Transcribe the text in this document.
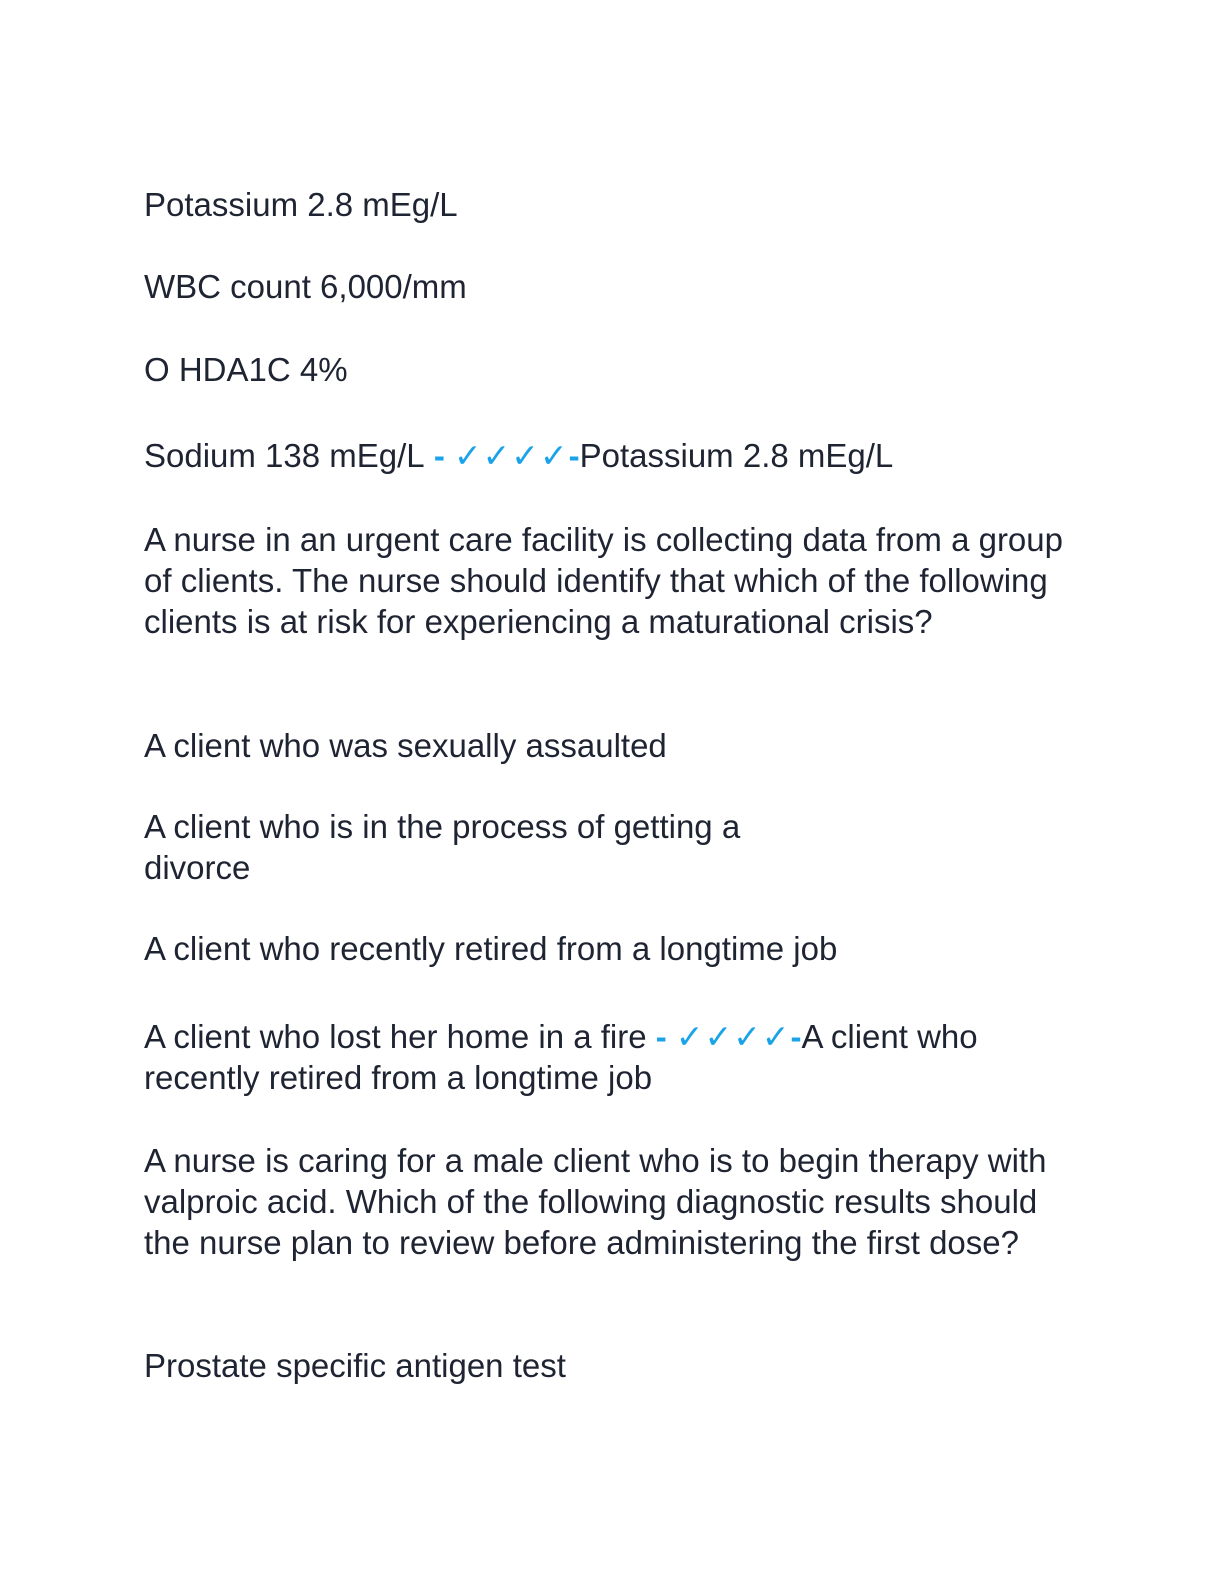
Potassium 2.8 mEg/L

WBC count 6,000/mm

O HDA1C 4%

Sodium 138 mEg/L - ✓✓✓✓-Potassium 2.8 mEg/L

A nurse in an urgent care facility is collecting data from a group of clients. The nurse should identify that which of the following clients is at risk for experiencing a maturational crisis?

A client who was sexually assaulted

A client who is in the process of getting a divorce

A client who recently retired from a longtime job

A client who lost her home in a fire - ✓✓✓✓-A client who recently retired from a longtime job

A nurse is caring for a male client who is to begin therapy with valproic acid. Which of the following diagnostic results should the nurse plan to review before administering the first dose?

Prostate specific antigen test
